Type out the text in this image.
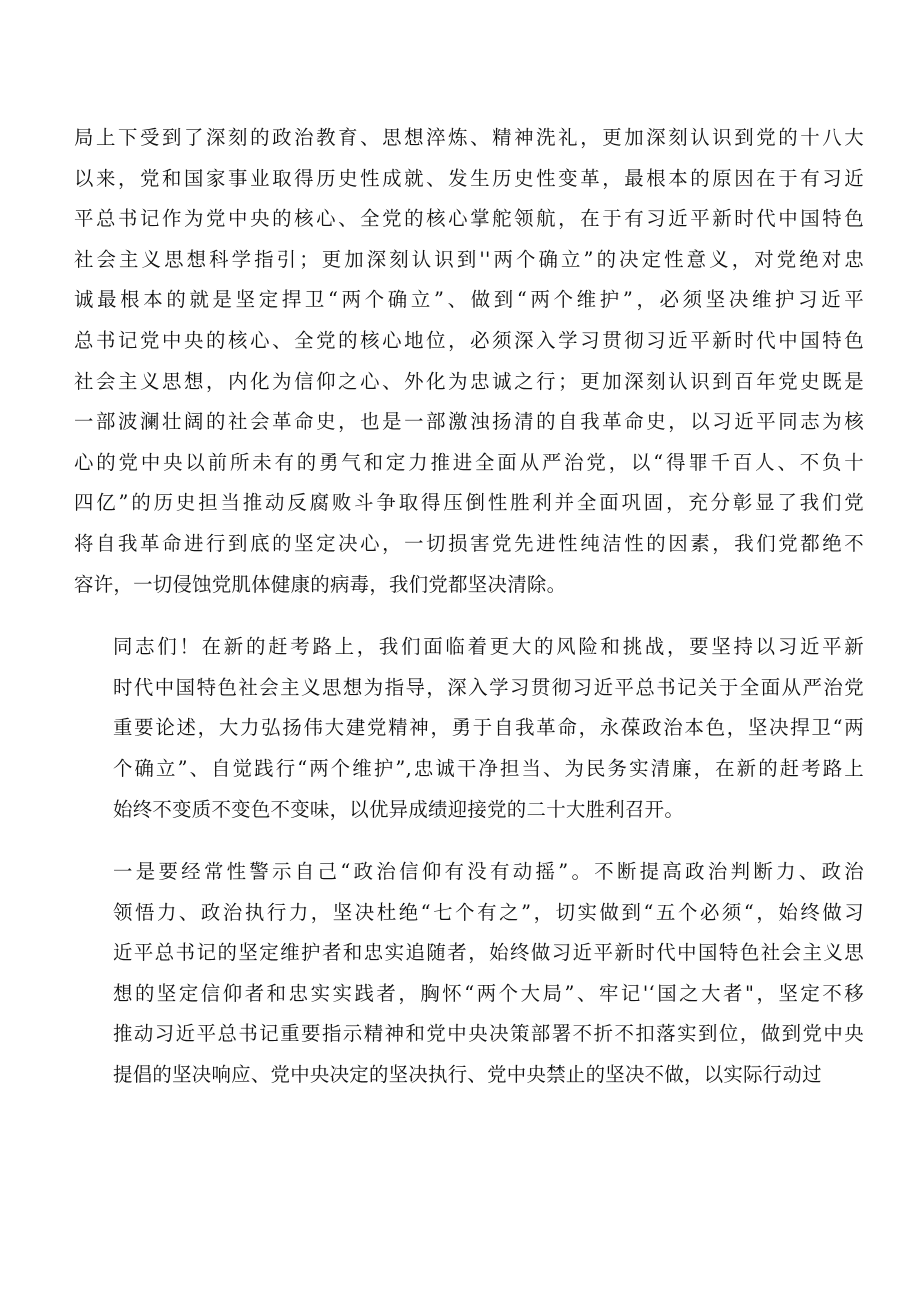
局上下受到了深刻的政治教育、思想淬炼、精神洗礼，更加深刻认识到党的十八大
以来，党和国家事业取得历史性成就、发生历史性变革，最根本的原因在于有习近
平总书记作为党中央的核心、全党的核心掌舵领航，在于有习近平新时代中国特色
社会主义思想科学指引；更加深刻认识到''两个确立”的决定性意义，对党绝对忠
诚最根本的就是坚定捍卫“两个确立”、做到“两个维护”，必须坚决维护习近平
总书记党中央的核心、全党的核心地位，必须深入学习贯彻习近平新时代中国特色
社会主义思想，内化为信仰之心、外化为忠诚之行；更加深刻认识到百年党史既是
一部波澜壮阔的社会革命史，也是一部激浊扬清的自我革命史，以习近平同志为核
心的党中央以前所未有的勇气和定力推进全面从严治党，以“得罪千百人、不负十
四亿”的历史担当推动反腐败斗争取得压倒性胜利并全面巩固，充分彰显了我们党
将自我革命进行到底的坚定决心，一切损害党先进性纯洁性的因素，我们党都绝不
容许，一切侵蚀党肌体健康的病毒，我们党都坚决清除。

同志们！在新的赶考路上，我们面临着更大的风险和挑战，要坚持以习近平新
时代中国特色社会主义思想为指导，深入学习贯彻习近平总书记关于全面从严治党
重要论述，大力弘扬伟大建党精神，勇于自我革命，永葆政治本色，坚决捍卫“两
个确立”、自觉践行“两个维护”,忠诚干净担当、为民务实清廉，在新的赶考路上
始终不变质不变色不变味，以优异成绩迎接党的二十大胜利召开。

一是要经常性警示自己“政治信仰有没有动摇”。不断提高政治判断力、政治
领悟力、政治执行力，坚决杜绝“七个有之”，切实做到“五个必须“，始终做习
近平总书记的坚定维护者和忠实追随者，始终做习近平新时代中国特色社会主义思
想的坚定信仰者和忠实实践者，胸怀“两个大局”、牢记'‘国之大者"，坚定不移
推动习近平总书记重要指示精神和党中央决策部署不折不扣落实到位，做到党中央
提倡的坚决响应、党中央决定的坚决执行、党中央禁止的坚决不做，以实际行动过
